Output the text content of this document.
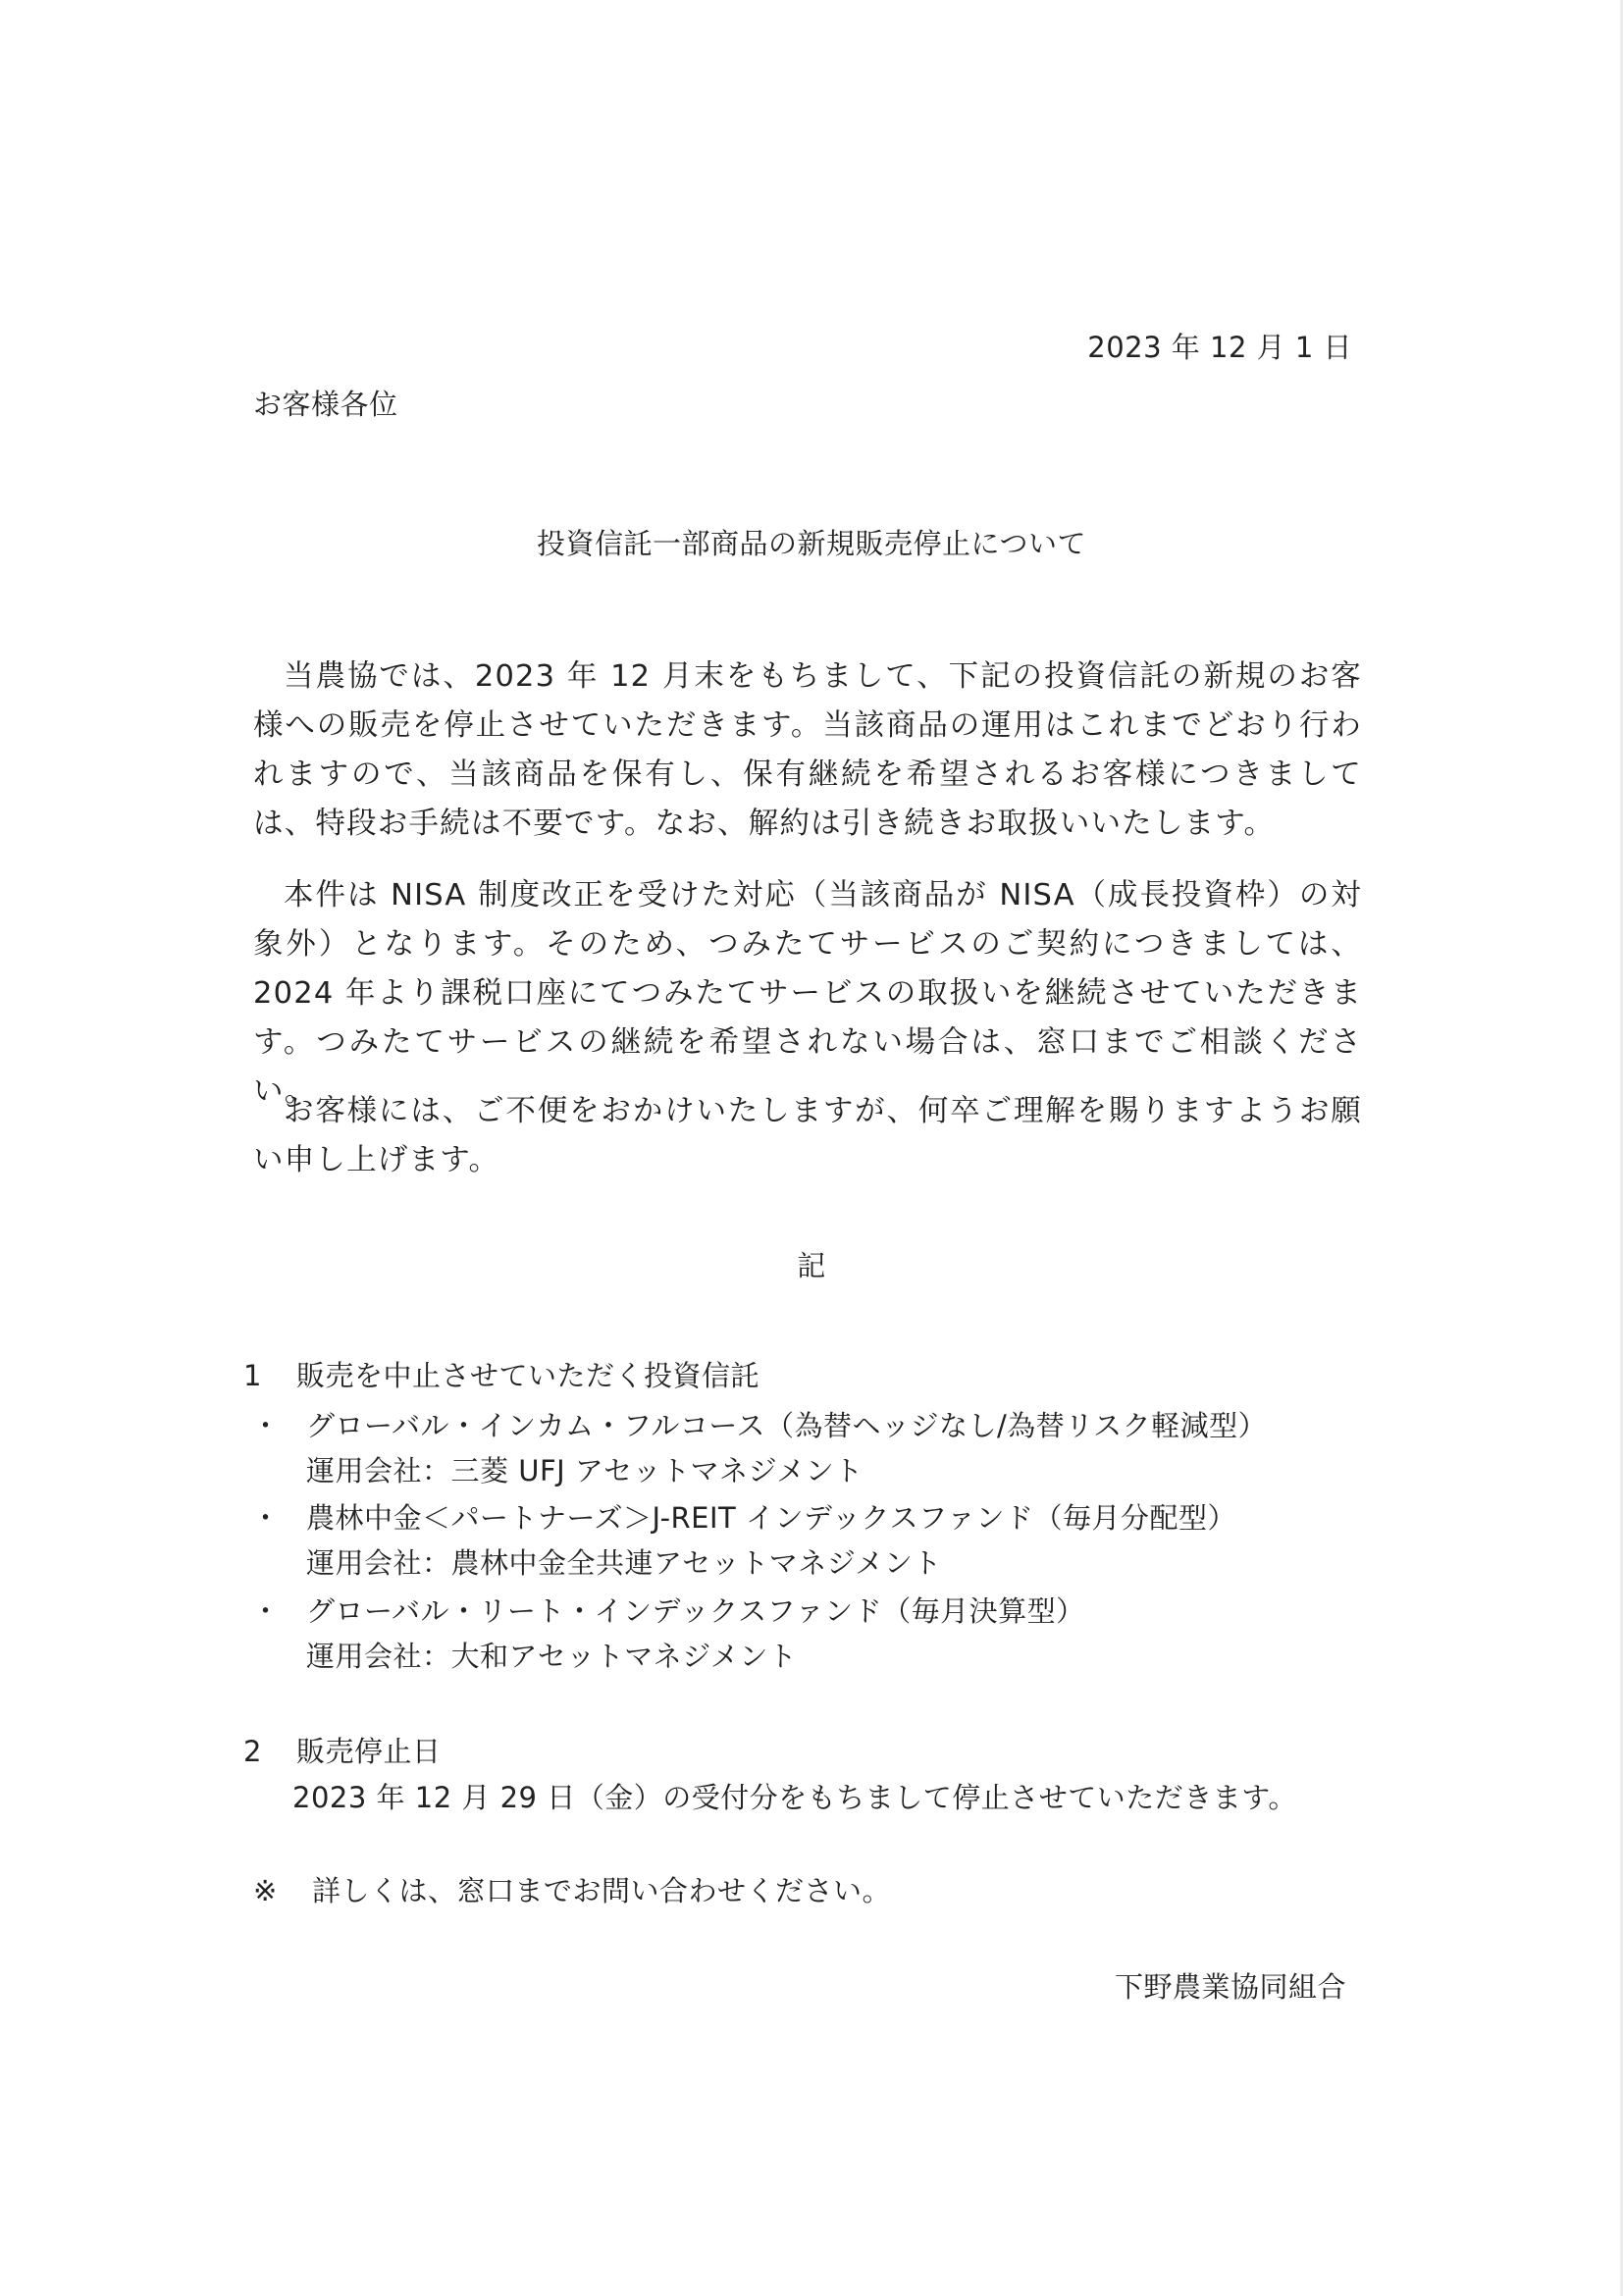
2023 年 12 月 1 日
お客様各位
投資信託一部商品の新規販売停止について

当農協では、2023 年 12 月末をもちまして、下記の投資信託の新規のお客様への販売を停止させていただきます。当該商品の運用はこれまでどおり行われますので、当該商品を保有し、保有継続を希望されるお客様につきましては、特段お手続は不要です。なお、解約は引き続きお取扱いいたします。

本件は NISA 制度改正を受けた対応（当該商品が NISA（成長投資枠）の対象外）となります。そのため、つみたてサービスのご契約につきましては、2024 年より課税口座にてつみたてサービスの取扱いを継続させていただきます。つみたてサービスの継続を希望されない場合は、窓口までご相談ください。

お客様には、ご不便をおかけいたしますが、何卒ご理解を賜りますようお願い申し上げます。

記
1 販売を中止させていただく投資信託
・ グローバル・インカム・フルコース（為替ヘッジなし/為替リスク軽減型）
運用会社：三菱 UFJ アセットマネジメント
・ 農林中金＜パートナーズ＞J-REIT インデックスファンド（毎月分配型）
運用会社：農林中金全共連アセットマネジメント
・ グローバル・リート・インデックスファンド（毎月決算型）
運用会社：大和アセットマネジメント
2 販売停止日
2023 年 12 月 29 日（金）の受付分をもちまして停止させていただきます。
※ 詳しくは、窓口までお問い合わせください。
下野農業協同組合
